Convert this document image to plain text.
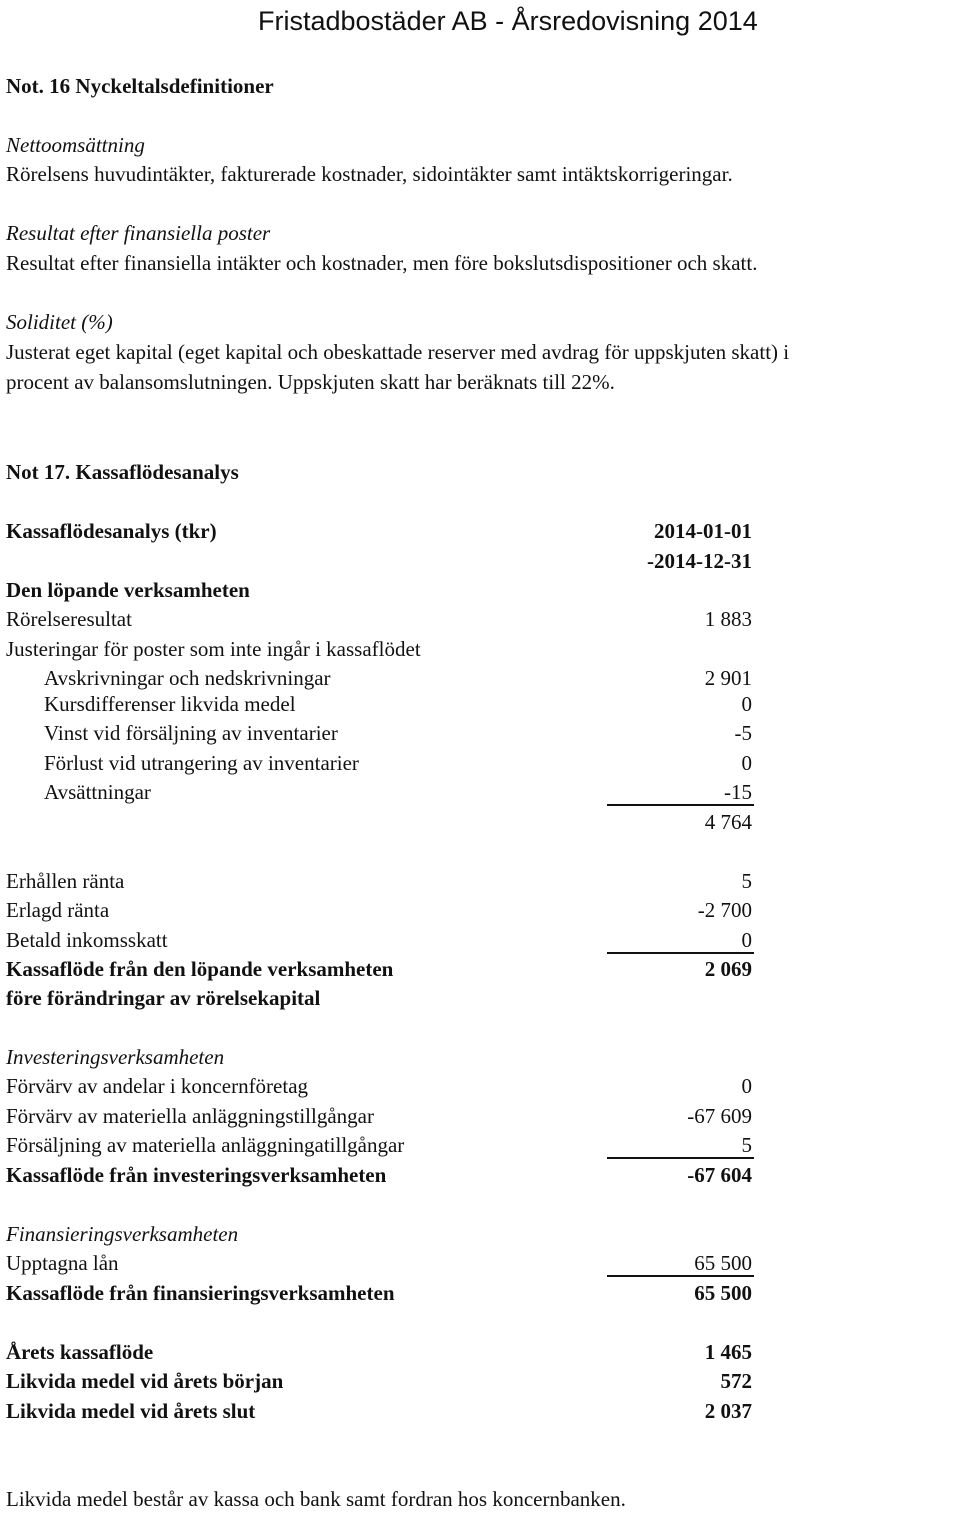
Fristadbostäder AB - Årsredovisning 2014
Not. 16 Nyckeltalsdefinitioner
Nettoomsättning
Rörelsens huvudintäkter, fakturerade kostnader, sidointäkter samt intäktskorrigeringar.
Resultat efter finansiella poster
Resultat efter finansiella intäkter och kostnader, men före bokslutsdispositioner och skatt.
Soliditet (%)
Justerat eget kapital (eget kapital och obeskattade reserver med avdrag för uppskjuten skatt) i
procent av balansomslutningen. Uppskjuten skatt har beräknats till 22%.
Not 17. Kassaflödesanalys
Kassaflödesanalys (tkr)	2014-01-01
-2014-12-31
Den löpande verksamheten
Rörelseresultat	1 883
Justeringar för poster som inte ingår i kassaflödet
Avskrivningar och nedskrivningar	2 901
Kursdifferenser likvida medel	0
Vinst vid försäljning av inventarier	-5
Förlust vid utrangering av inventarier	0
Avsättningar	-15
4 764
Erhållen ränta	5
Erlagd ränta	-2 700
Betald inkomsskatt	0
Kassaflöde från den löpande verksamheten	2 069
före förändringar av rörelsekapital
Investeringsverksamheten
Förvärv av andelar i koncernföretag	0
Förvärv av materiella anläggningstillgångar	-67 609
Försäljning av materiella anläggningatillgångar	5
Kassaflöde från investeringsverksamheten	-67 604
Finansieringsverksamheten
Upptagna lån	65 500
Kassaflöde från finansieringsverksamheten	65 500
Årets kassaflöde	1 465
Likvida medel vid årets början	572
Likvida medel vid årets slut	2 037
Likvida medel består av kassa och bank samt fordran hos koncernbanken.
